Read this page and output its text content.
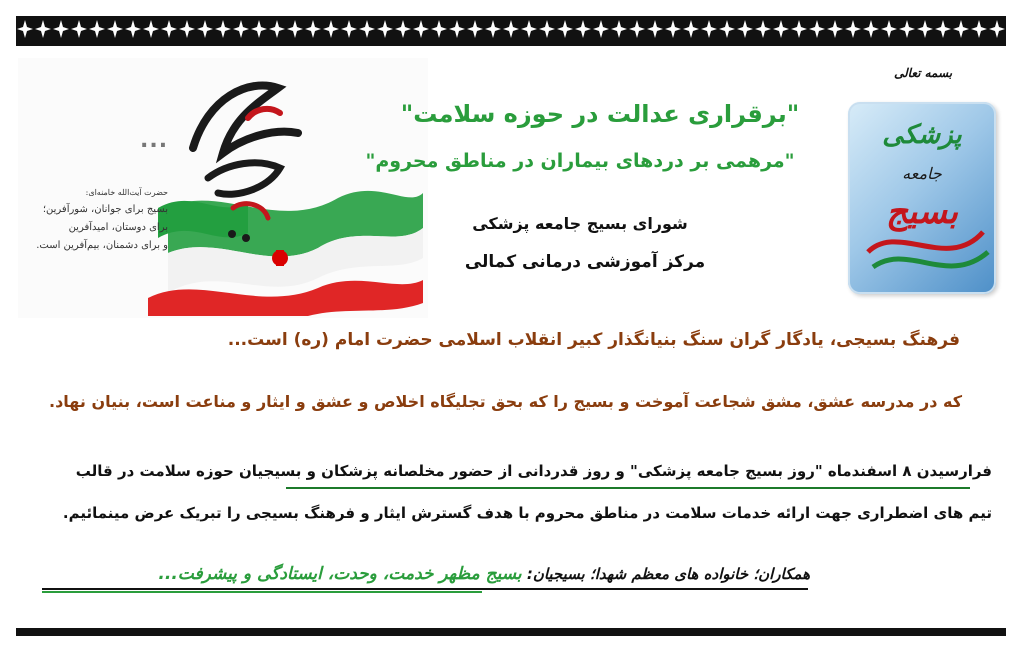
...
حضرت آیت‌الله خامنه‌ای:
بسیج برای جوانان، شورآفرین؛
برای دوستان، امیدآفرین
و برای دشمنان، بیم‌آفرین است.
بسمه تعالی
پزشکی
جامعه
بسیج
"برقراری عدالت در حوزه سلامت"
"مرهمی بر دردهای بیماران در مناطق محروم"
شورای بسیج جامعه پزشکی
مرکز آموزشی درمانی کمالی
فرهنگ بسیجی، یادگار گران سنگ بنیانگذار کبیر انقلاب اسلامی حضرت امام (ره) است...
که در مدرسه عشق، مشق شجاعت آموخت و بسیج را که بحق تجلیگاه اخلاص و عشق و ایثار و مناعت است، بنیان نهاد.
فرارسیدن ۸ اسفندماه "روز بسیج جامعه پزشکی" و روز قدردانی از حضور مخلصانه پزشکان و بسیجیان حوزه سلامت در قالب
تیم های اضطراری جهت ارائه خدمات سلامت در مناطق محروم با هدف گسترش ایثار و فرهنگ بسیجی را تبریک عرض مینمائیم.
همکاران؛ خانواده های معظم شهدا؛ بسیجیان: بسیج مظهر خدمت، وحدت، ایستادگی و پیشرفت...
